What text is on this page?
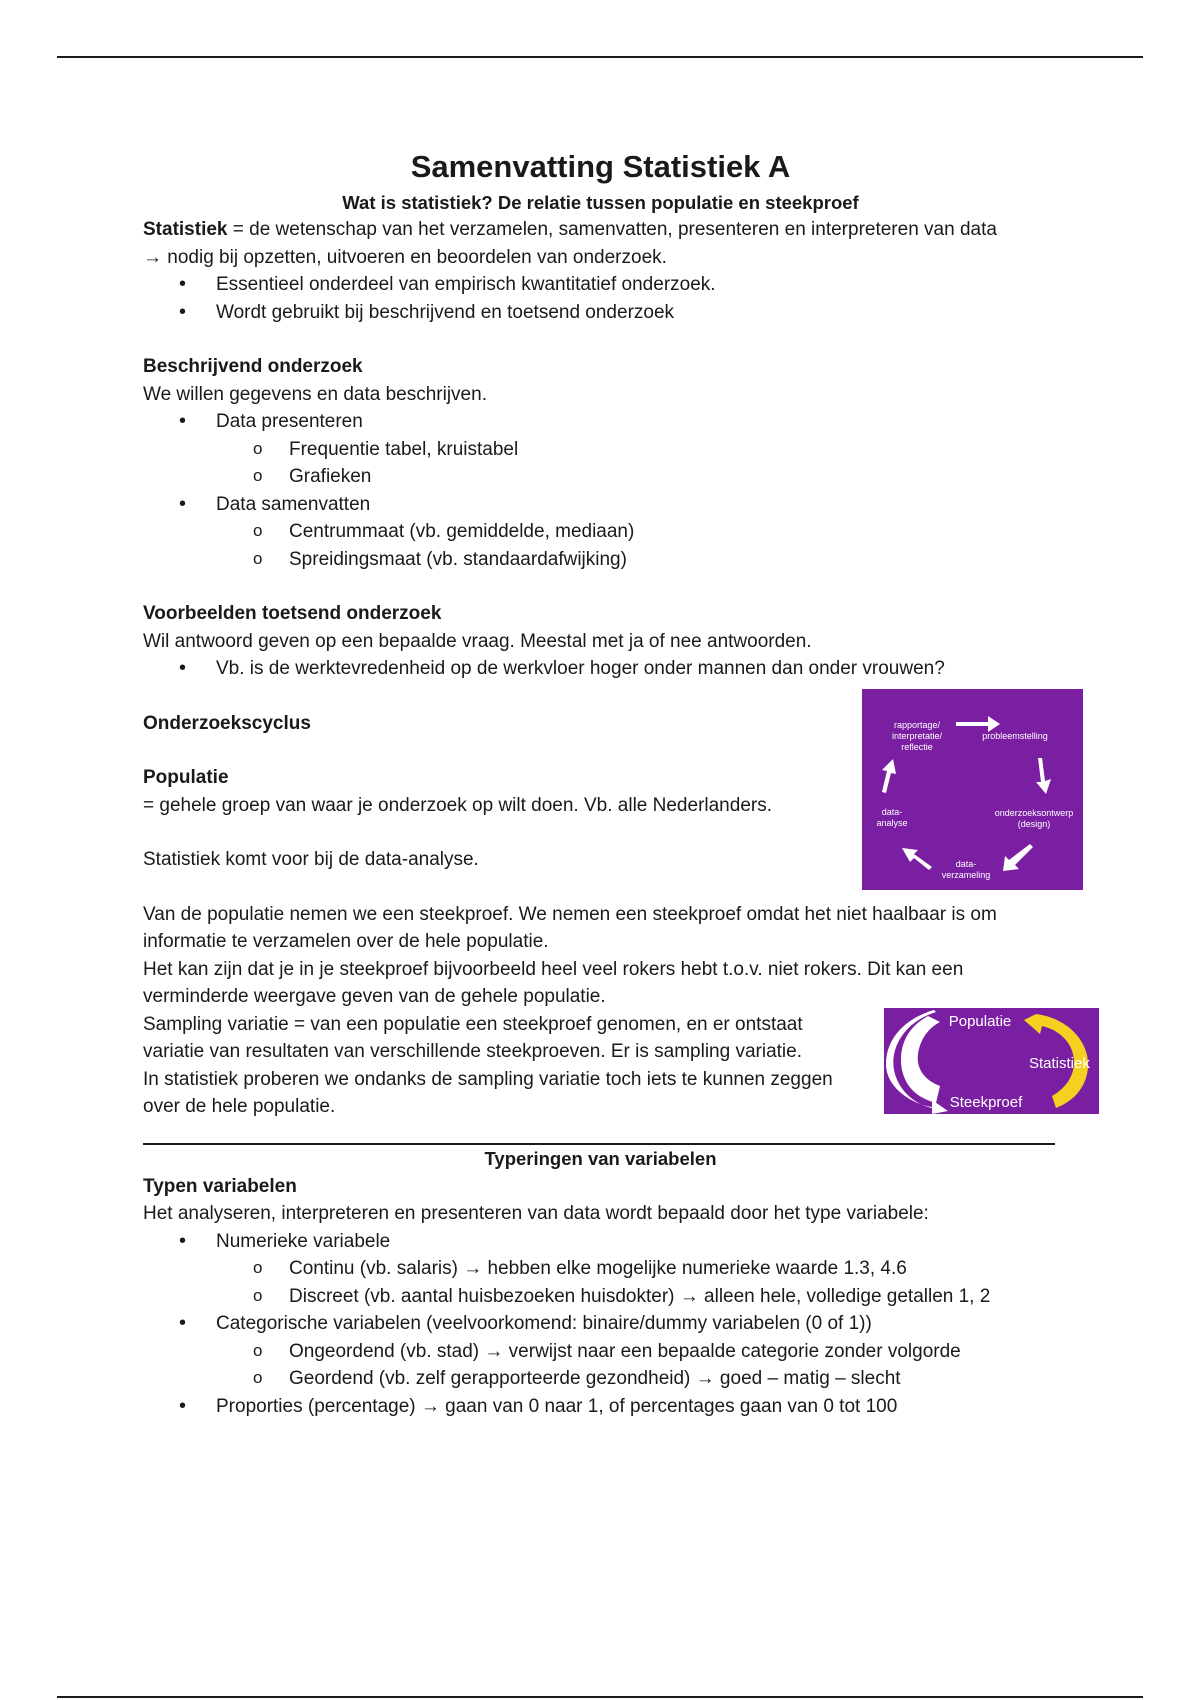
Samenvatting Statistiek A
Wat is statistiek? De relatie tussen populatie en steekproef

Statistiek = de wetenschap van het verzamelen, samenvatten, presenteren en interpreteren van data

→ nodig bij opzetten, uitvoeren en beoordelen van onderzoek.

• Essentieel onderdeel van empirisch kwantitatief onderzoek.
• Wordt gebruikt bij beschrijvend en toetsend onderzoek

Beschrijvend onderzoek

We willen gegevens en data beschrijven.

• Data presenteren
o Frequentie tabel, kruistabel
o Grafieken
• Data samenvatten
o Centrummaat (vb. gemiddelde, mediaan)
o Spreidingsmaat (vb. standaardafwijking)

Voorbeelden toetsend onderzoek

Wil antwoord geven op een bepaalde vraag. Meestal met ja of nee antwoorden.

• Vb. is de werktevredenheid op de werkvloer hoger onder mannen dan onder vrouwen?

Onderzoekscyclus

Populatie

= gehele groep van waar je onderzoek op wilt doen. Vb. alle Nederlanders.

Statistiek komt voor bij de data-analyse.

Van de populatie nemen we een steekproef. We nemen een steekproef omdat het niet haalbaar is om informatie te verzamelen over de hele populatie.

Het kan zijn dat je in je steekproef bijvoorbeeld heel veel rokers hebt t.o.v. niet rokers. Dit kan een verminderde weergave geven van de gehele populatie.

Sampling variatie = van een populatie een steekproef genomen, en er ontstaat variatie van resultaten van verschillende steekproeven. Er is sampling variatie.

In statistiek proberen we ondanks de sampling variatie toch iets te kunnen zeggen over de hele populatie.

rapportage/
interpretatie/
reflectie
probleemstelling
onderzoeksontwerp
(design)
data-
verzameling
data-
analyse
Populatie
Statistiek
Steekproef
Typeringen van variabelen

Typen variabelen

Het analyseren, interpreteren en presenteren van data wordt bepaald door het type variabele:

• Numerieke variabele
o Continu (vb. salaris) → hebben elke mogelijke numerieke waarde 1.3, 4.6
o Discreet (vb. aantal huisbezoeken huisdokter) → alleen hele, volledige getallen 1, 2
• Categorische variabelen (veelvoorkomend: binaire/dummy variabelen (0 of 1))
o Ongeordend (vb. stad) → verwijst naar een bepaalde categorie zonder volgorde
o Geordend (vb. zelf gerapporteerde gezondheid) → goed – matig – slecht
• Proporties (percentage) → gaan van 0 naar 1, of percentages gaan van 0 tot 100
